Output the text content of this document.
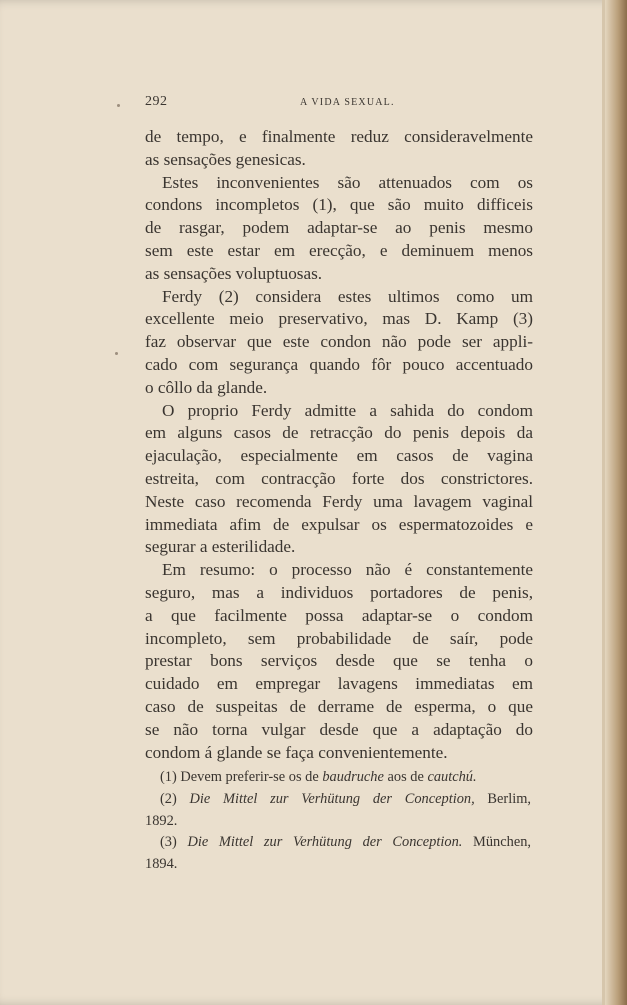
292	A VIDA SEXUAL.
de tempo, e finalmente reduz consideravelmente
as sensações genesicas.
Estes inconvenientes são attenuados com os
condons incompletos (1), que são muito difficeis
de rasgar, podem adaptar-se ao penis mesmo
sem este estar em erecção, e deminuem menos
as sensações voluptuosas.
Ferdy (2) considera estes ultimos como um
excellente meio preservativo, mas D. Kamp (3)
faz observar que este condon não pode ser appli-
cado com segurança quando fôr pouco accentuado
o côllo da glande.
O proprio Ferdy admitte a sahida do condom
em alguns casos de retracção do penis depois da
ejaculação, especialmente em casos de vagina
estreita, com contracção forte dos constrictores.
Neste caso recomenda Ferdy uma lavagem vaginal
immediata afim de expulsar os espermatozoides e
segurar a esterilidade.
Em resumo: o processo não é constantemente
seguro, mas a individuos portadores de penis,
a que facilmente possa adaptar-se o condom
incompleto, sem probabilidade de saír, pode
prestar bons serviços desde que se tenha o
cuidado em empregar lavagens immediatas em
caso de suspeitas de derrame de esperma, o que
se não torna vulgar desde que a adaptação do
condom á glande se faça convenientemente.
(1) Devem preferir-se os de baudruche aos de cautchú.
(2) Die Mittel zur Verhütung der Conception, Berlim,
1892.
(3) Die Mittel zur Verhütung der Conception. München,
1894.
